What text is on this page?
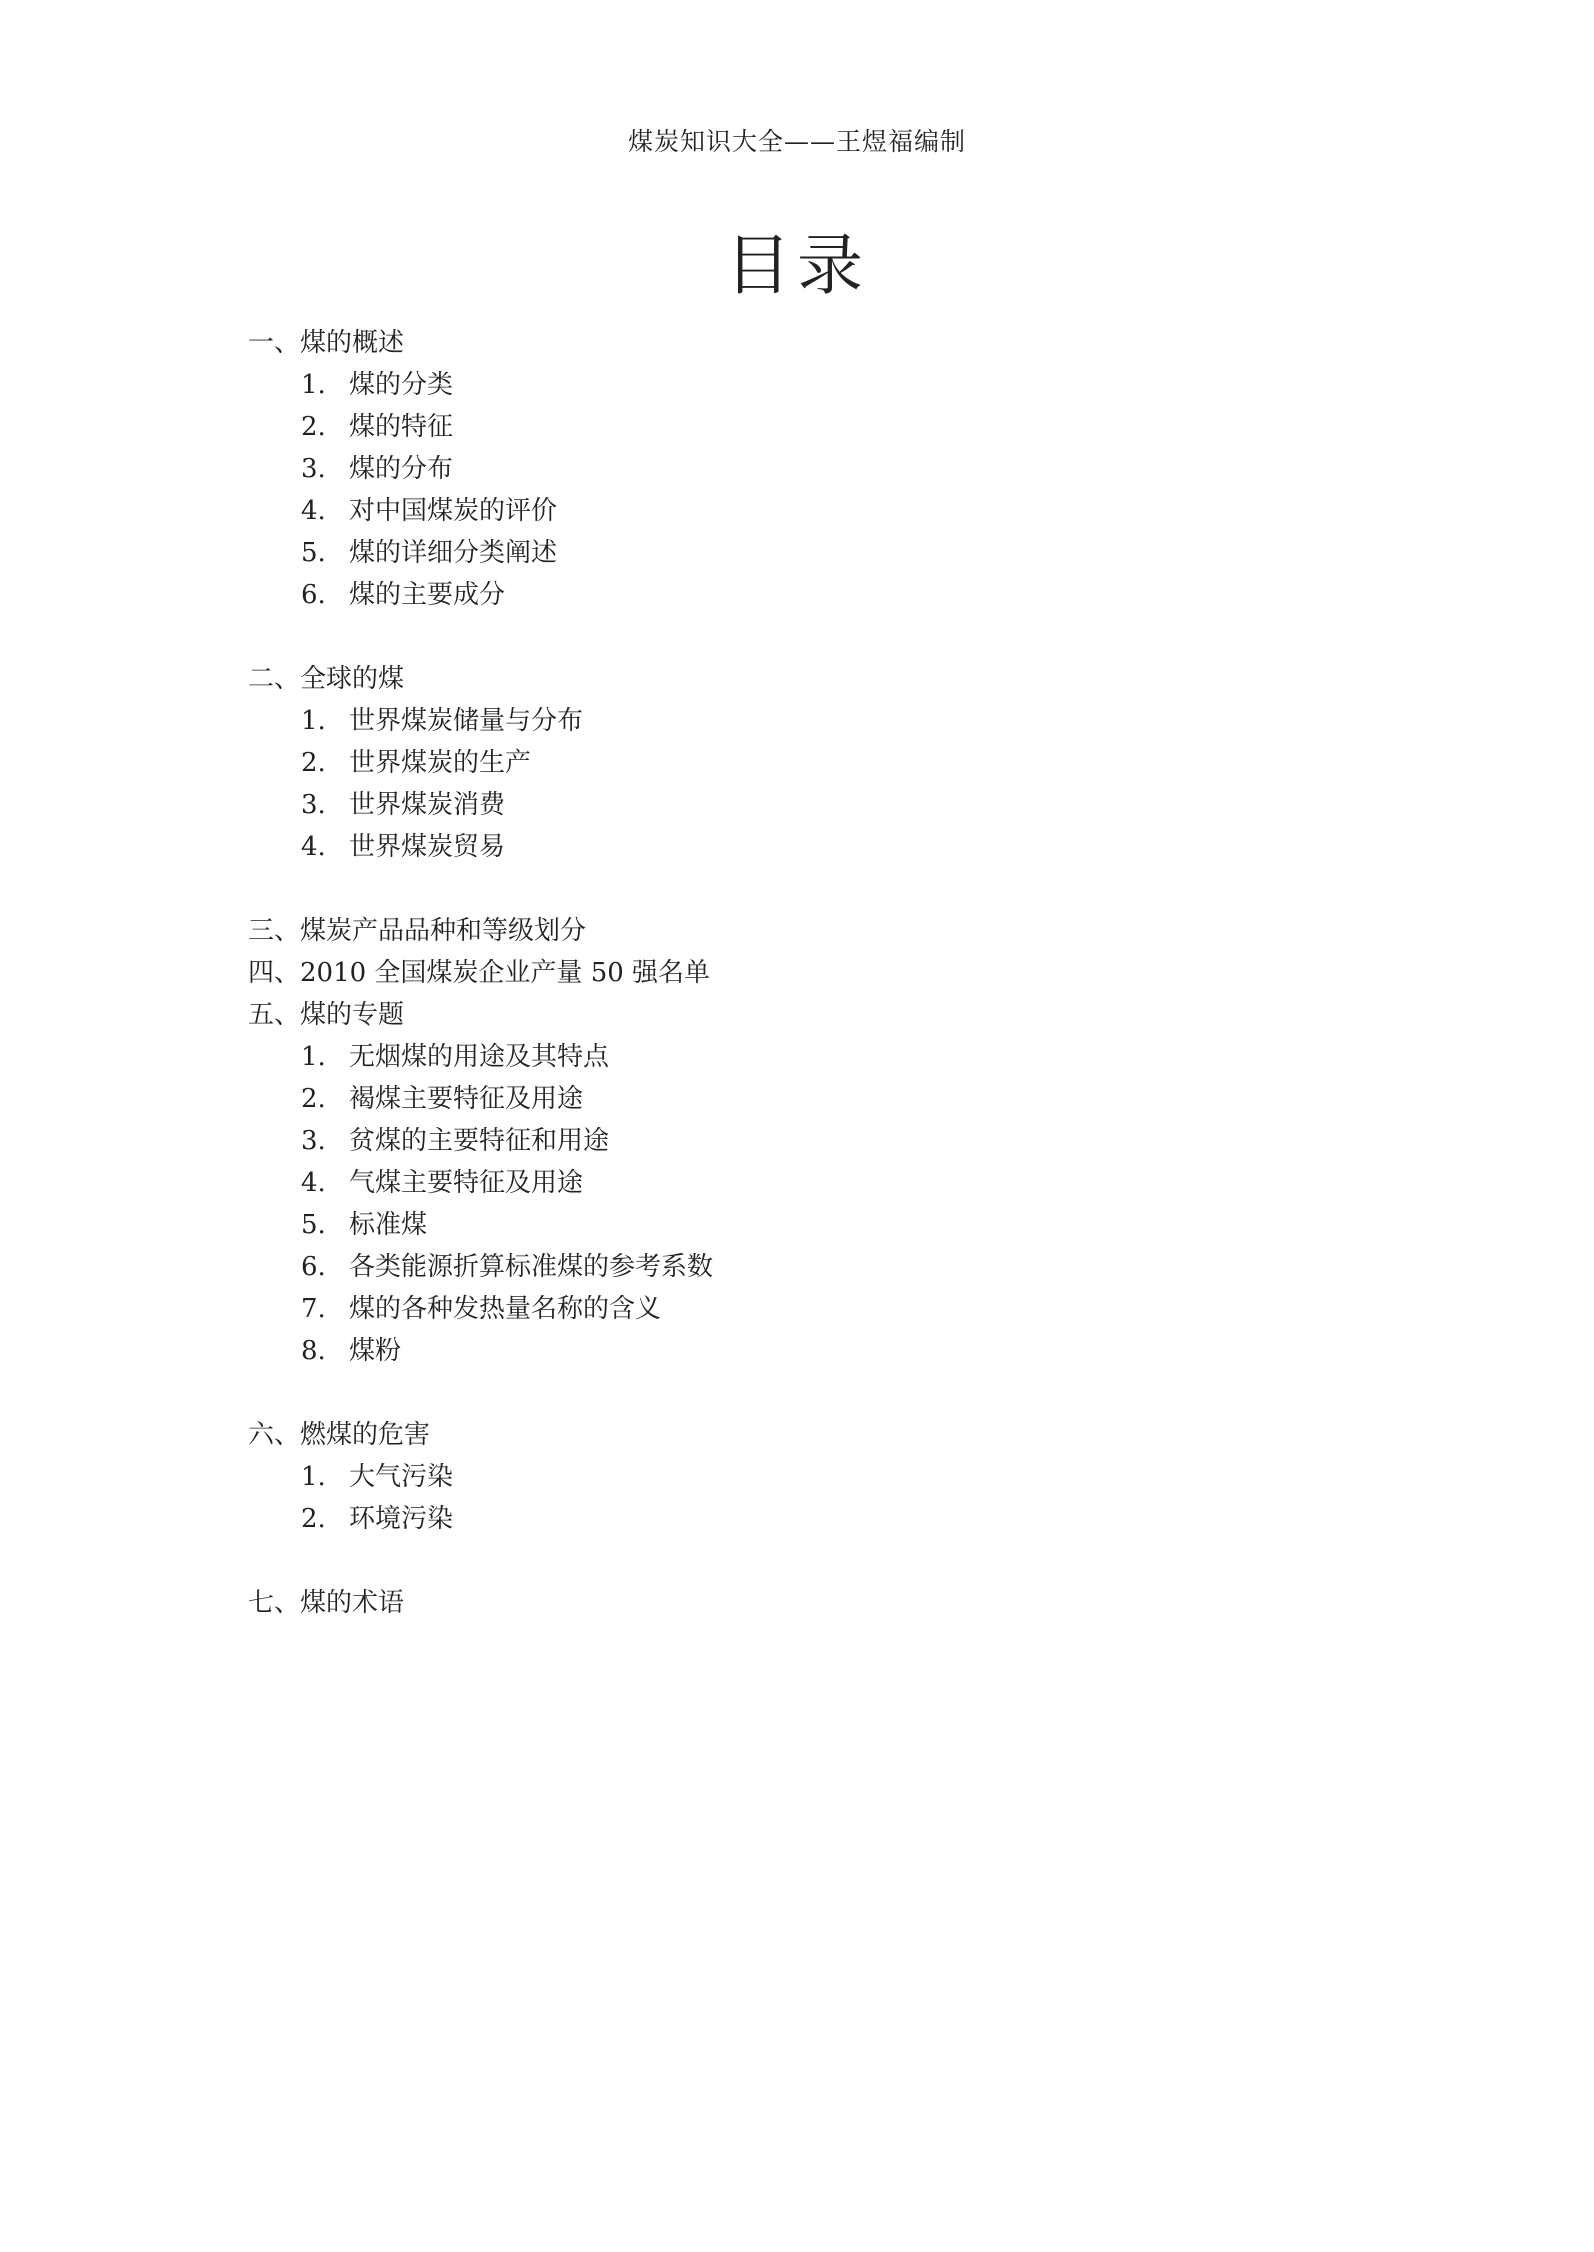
煤炭知识大全——王煜福编制
目录
一、煤的概述
1. 煤的分类
2. 煤的特征
3. 煤的分布
4. 对中国煤炭的评价
5. 煤的详细分类阐述
6. 煤的主要成分
二、全球的煤
1. 世界煤炭储量与分布
2. 世界煤炭的生产
3. 世界煤炭消费
4. 世界煤炭贸易
三、煤炭产品品种和等级划分
四、2010 全国煤炭企业产量 50 强名单
五、煤的专题
1. 无烟煤的用途及其特点
2. 褐煤主要特征及用途
3. 贫煤的主要特征和用途
4. 气煤主要特征及用途
5. 标准煤
6. 各类能源折算标准煤的参考系数
7. 煤的各种发热量名称的含义
8. 煤粉
六、燃煤的危害
1. 大气污染
2. 环境污染
七、煤的术语
